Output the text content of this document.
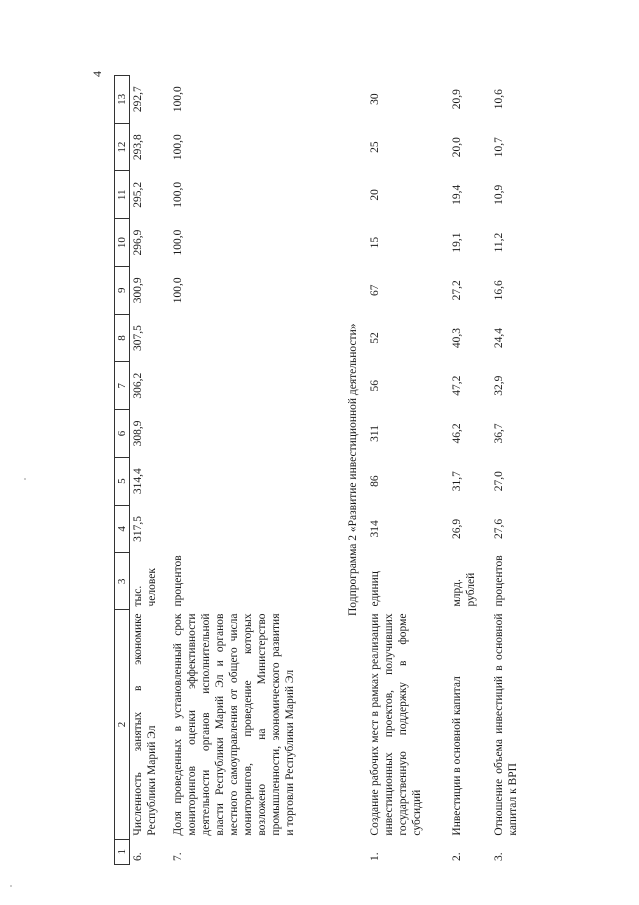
4
1	2	3	4	5	6	7	8	9	10	11	12	13
6.	Численность занятых в экономике Республики Марий Эл	тыс. человек	317,5	314,4	308,9	306,2	307,5	300,9	296,9	295,2	293,8	292,7
7.	Доля проведенных в установленный срок мониторингов оценки эффективности деятельности органов исполнительной власти Республики Марий Эл и органов местного самоуправления от общего числа мониторингов, проведение которых возложено на Министерство промышленности, экономического развития и торговли Республики Марий Эл	процентов						100,0	100,0	100,0	100,0	100,0
Подпрограмма 2 «Развитие инвестиционной деятельности»												
1.	Создание рабочих мест в рамках реализации инвестиционных проектов, получивших государственную поддержку в форме субсидий	единиц	314	86	311	56	52	67	15	20	25	30
2.	Инвестиции в основной капитал	млрд. рублей	26,9	31,7	46,2	47,2	40,3	27,2	19,1	19,4	20,0	20,9
3.	Отношение объема инвестиций в основной капитал к ВРП	процентов	27,6	27,0	36,7	32,9	24,4	16,6	11,2	10,9	10,7	10,6
